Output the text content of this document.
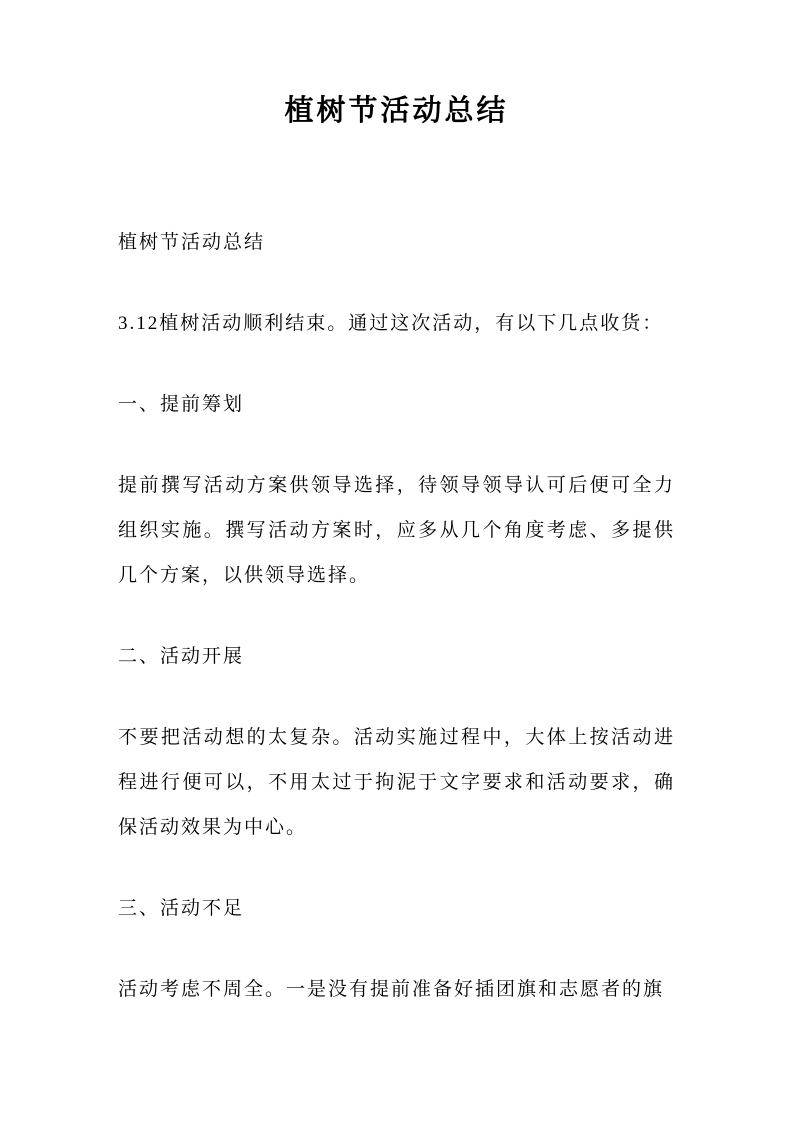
植树节活动总结

植树节活动总结

3.12植树活动顺利结束。通过这次活动，有以下几点收货：

一、提前筹划

提前撰写活动方案供领导选择，待领导领导认可后便可全力组织实施。撰写活动方案时，应多从几个角度考虑、多提供几个方案，以供领导选择。

二、活动开展

不要把活动想的太复杂。活动实施过程中，大体上按活动进程进行便可以，不用太过于拘泥于文字要求和活动要求，确保活动效果为中心。

三、活动不足

活动考虑不周全。一是没有提前准备好插团旗和志愿者的旗
